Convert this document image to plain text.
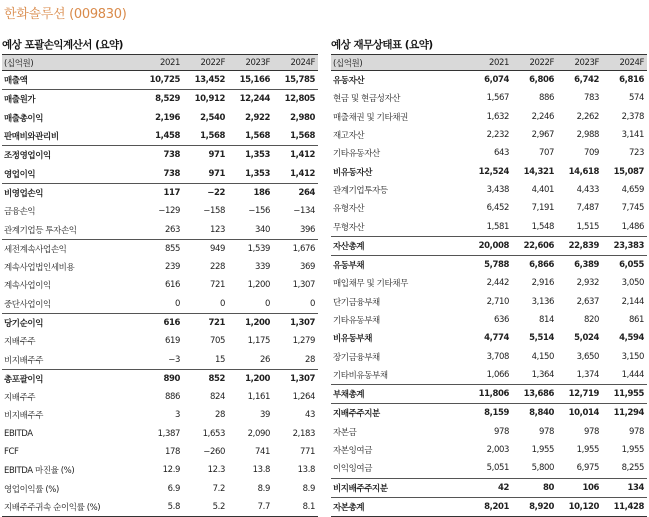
한화솔루션 (009830)
예상 포괄손익계산서 (요약)
(십억원)	2021	2022F	2023F	2024F
매출액	10,725	13,452	15,166	15,785
매출원가	8,529	10,912	12,244	12,805
매출총이익	2,196	2,540	2,922	2,980
판매비와관리비	1,458	1,568	1,568	1,568
조정영업이익	738	971	1,353	1,412
영업이익	738	971	1,353	1,412
비영업손익	117	−22	186	264
금융손익	−129	−158	−156	−134
관계기업등 투자손익	263	123	340	396
세전계속사업손익	855	949	1,539	1,676
계속사업법인세비용	239	228	339	369
계속사업이익	616	721	1,200	1,307
중단사업이익	0	0	0	0
당기순이익	616	721	1,200	1,307
지배주주	619	705	1,175	1,279
비지배주주	−3	15	26	28
총포괄이익	890	852	1,200	1,307
지배주주	886	824	1,161	1,264
비지배주주	3	28	39	43
EBITDA	1,387	1,653	2,090	2,183
FCF	178	−260	741	771
EBITDA 마진율 (%)	12.9	12.3	13.8	13.8
영업이익률 (%)	6.9	7.2	8.9	8.9
지배주주귀속 순이익률 (%)	5.8	5.2	7.7	8.1
예상 재무상태표 (요약)
(십억원)	2021	2022F	2023F	2024F
유동자산	6,074	6,806	6,742	6,816
현금 및 현금성자산	1,567	886	783	574
매출채권 및 기타채권	1,632	2,246	2,262	2,378
재고자산	2,232	2,967	2,988	3,141
기타유동자산	643	707	709	723
비유동자산	12,524	14,321	14,618	15,087
관계기업투자등	3,438	4,401	4,433	4,659
유형자산	6,452	7,191	7,487	7,745
무형자산	1,581	1,548	1,515	1,486
자산총계	20,008	22,606	22,839	23,383
유동부채	5,788	6,866	6,389	6,055
매입채무 및 기타채무	2,442	2,916	2,932	3,050
단기금융부채	2,710	3,136	2,637	2,144
기타유동부채	636	814	820	861
비유동부채	4,774	5,514	5,024	4,594
장기금융부채	3,708	4,150	3,650	3,150
기타비유동부채	1,066	1,364	1,374	1,444
부채총계	11,806	13,686	12,719	11,955
지배주주지분	8,159	8,840	10,014	11,294
자본금	978	978	978	978
자본잉여금	2,003	1,955	1,955	1,955
이익잉여금	5,051	5,800	6,975	8,255
비지배주주지분	42	80	106	134
자본총계	8,201	8,920	10,120	11,428
